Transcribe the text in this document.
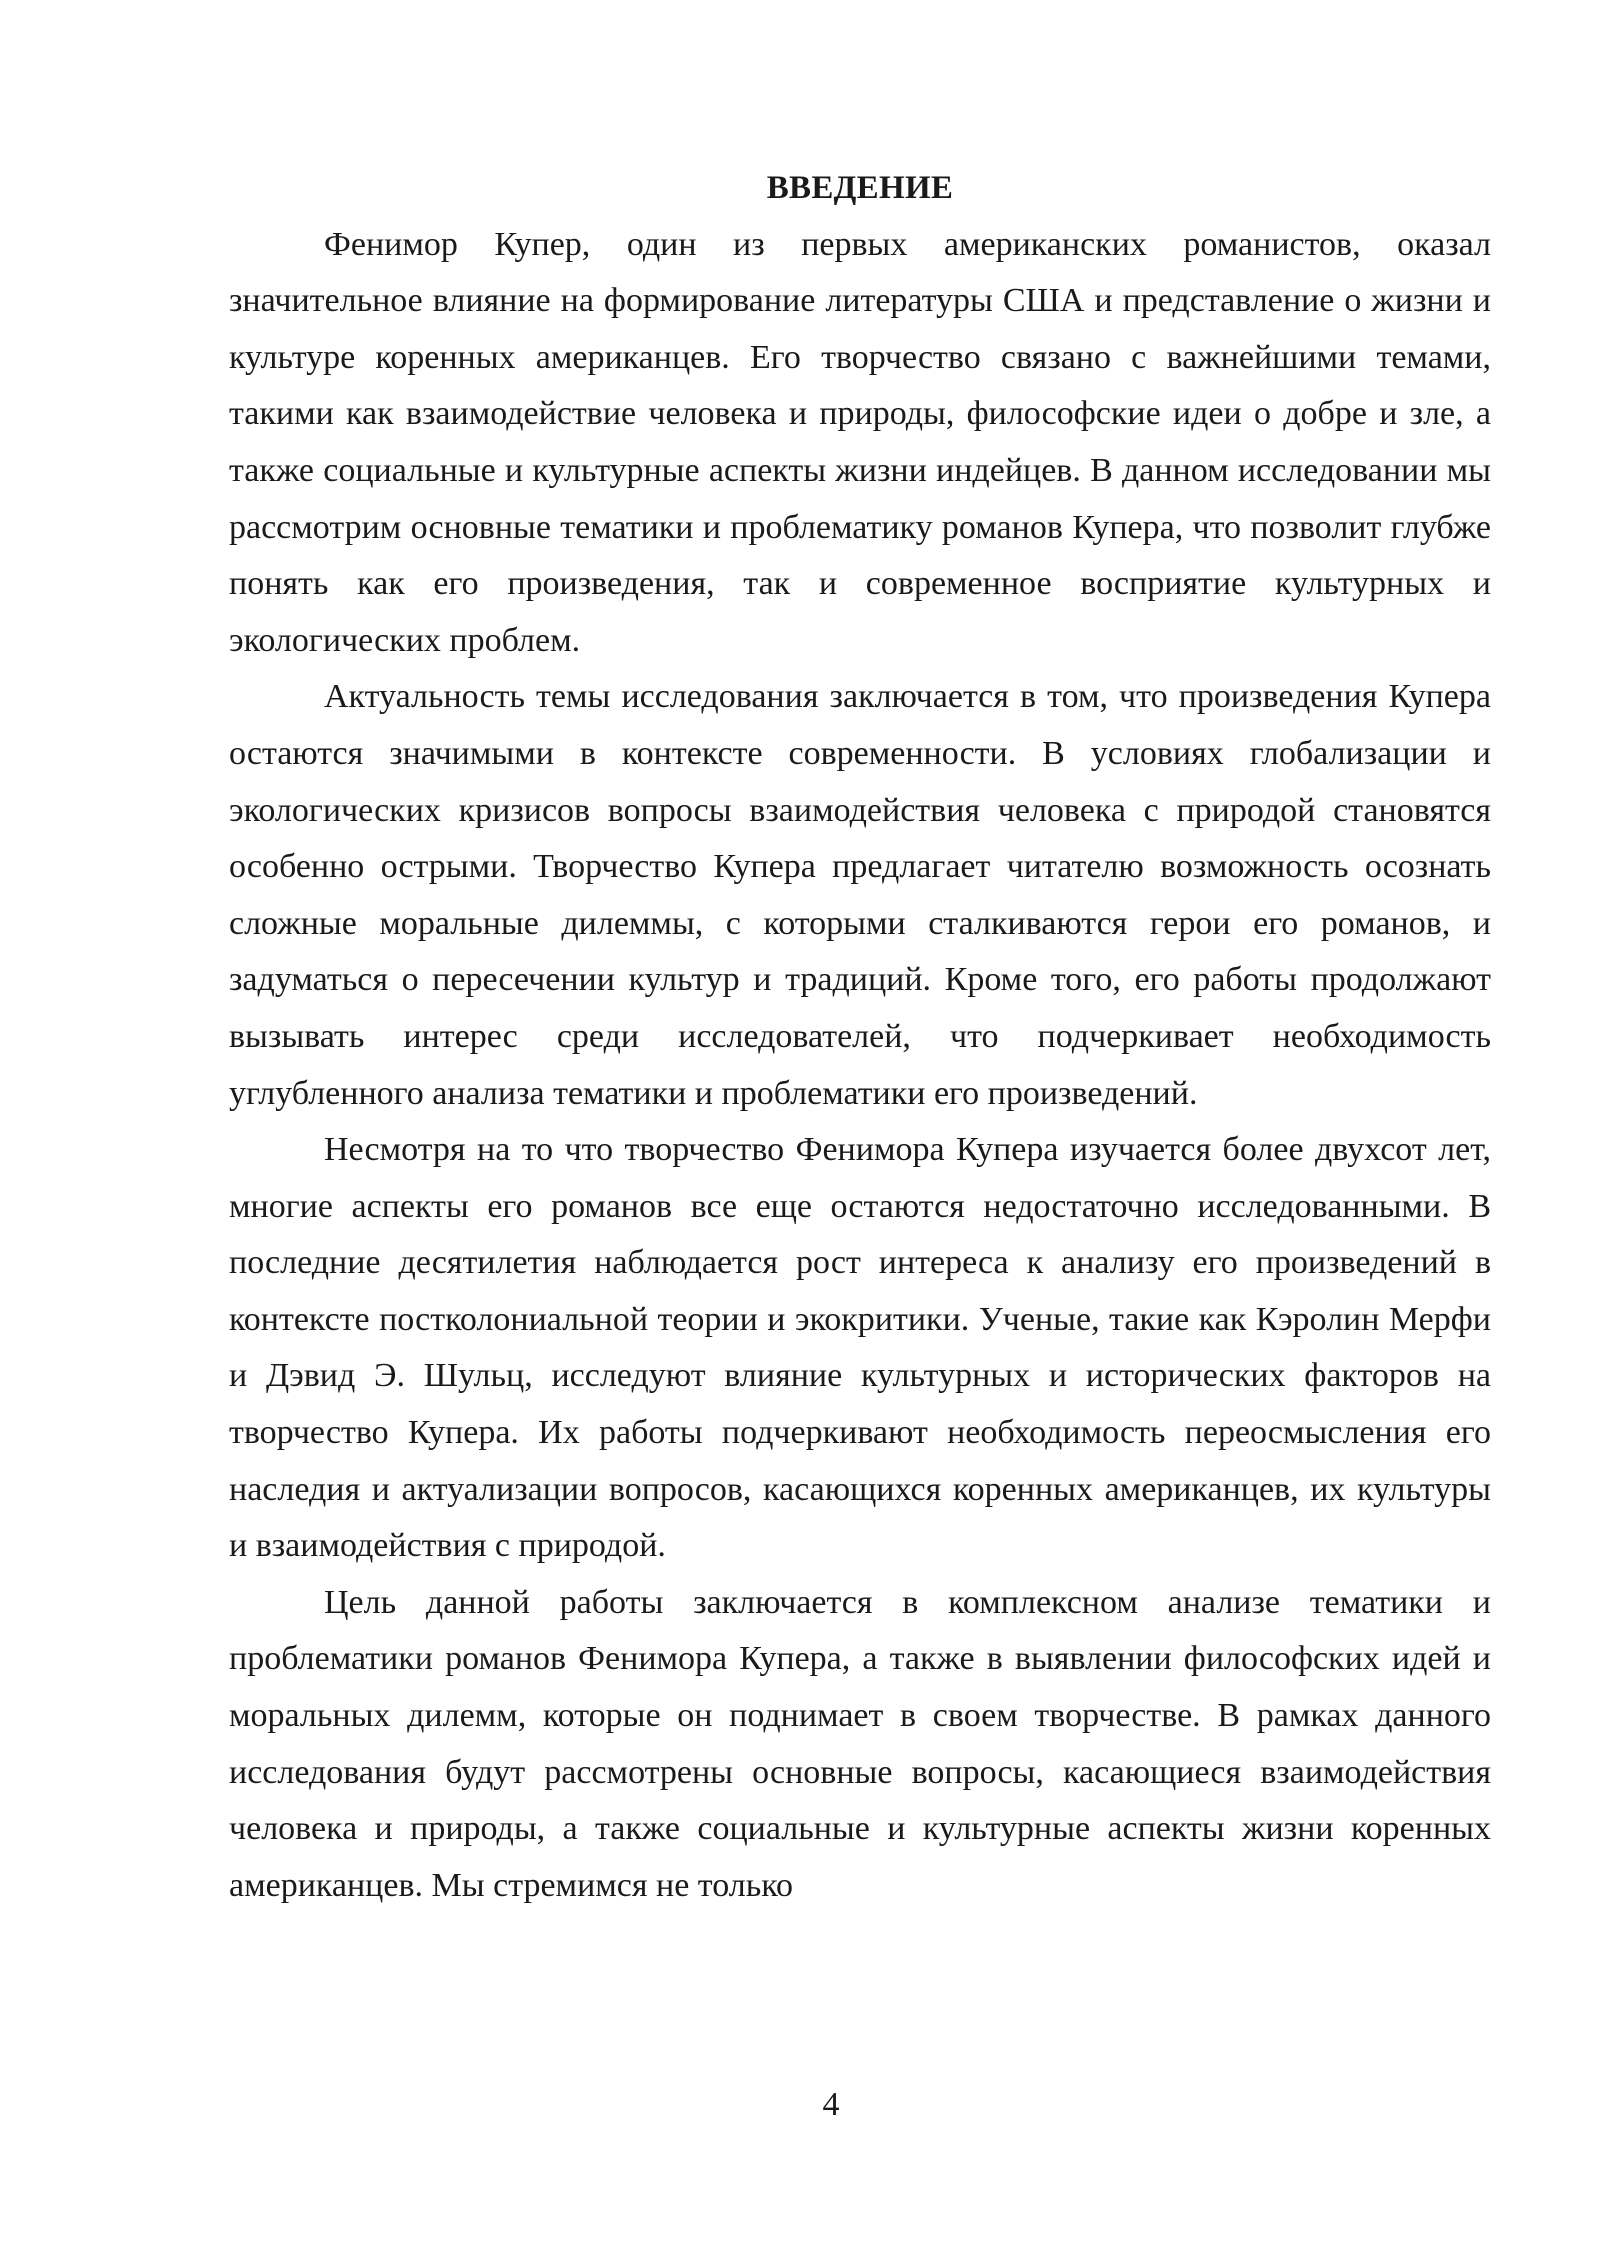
ВВЕДЕНИЕ

Фенимор Купер, один из первых американских романистов, оказал значительное влияние на формирование литературы США и представление о жизни и культуре коренных американцев. Его творчество связано с важнейшими темами, такими как взаимодействие человека и природы, философские идеи о добре и зле, а также социальные и культурные аспекты жизни индейцев. В данном исследовании мы рассмотрим основные тематики и проблематику романов Купера, что позволит глубже понять как его произведения, так и современное восприятие культурных и экологических проблем.

Актуальность темы исследования заключается в том, что произведения Купера остаются значимыми в контексте современности. В условиях глобализации и экологических кризисов вопросы взаимодействия человека с природой становятся особенно острыми. Творчество Купера предлагает читателю возможность осознать сложные моральные дилеммы, с которыми сталкиваются герои его романов, и задуматься о пересечении культур и традиций. Кроме того, его работы продолжают вызывать интерес среди исследователей, что подчеркивает необходимость углубленного анализа тематики и проблематики его произведений.

Несмотря на то что творчество Фенимора Купера изучается более двухсот лет, многие аспекты его романов все еще остаются недостаточно исследованными. В последние десятилетия наблюдается рост интереса к анализу его произведений в контексте постколониальной теории и экокритики. Ученые, такие как Кэролин Мерфи и Дэвид Э. Шульц, исследуют влияние культурных и исторических факторов на творчество Купера. Их работы подчеркивают необходимость переосмысления его наследия и актуализации вопросов, касающихся коренных американцев, их культуры и взаимодействия с природой.

Цель данной работы заключается в комплексном анализе тематики и проблематики романов Фенимора Купера, а также в выявлении философских идей и моральных дилемм, которые он поднимает в своем творчестве. В рамках данного исследования будут рассмотрены основные вопросы, касающиеся взаимодействия человека и природы, а также социальные и культурные аспекты жизни коренных американцев. Мы стремимся не только

4
